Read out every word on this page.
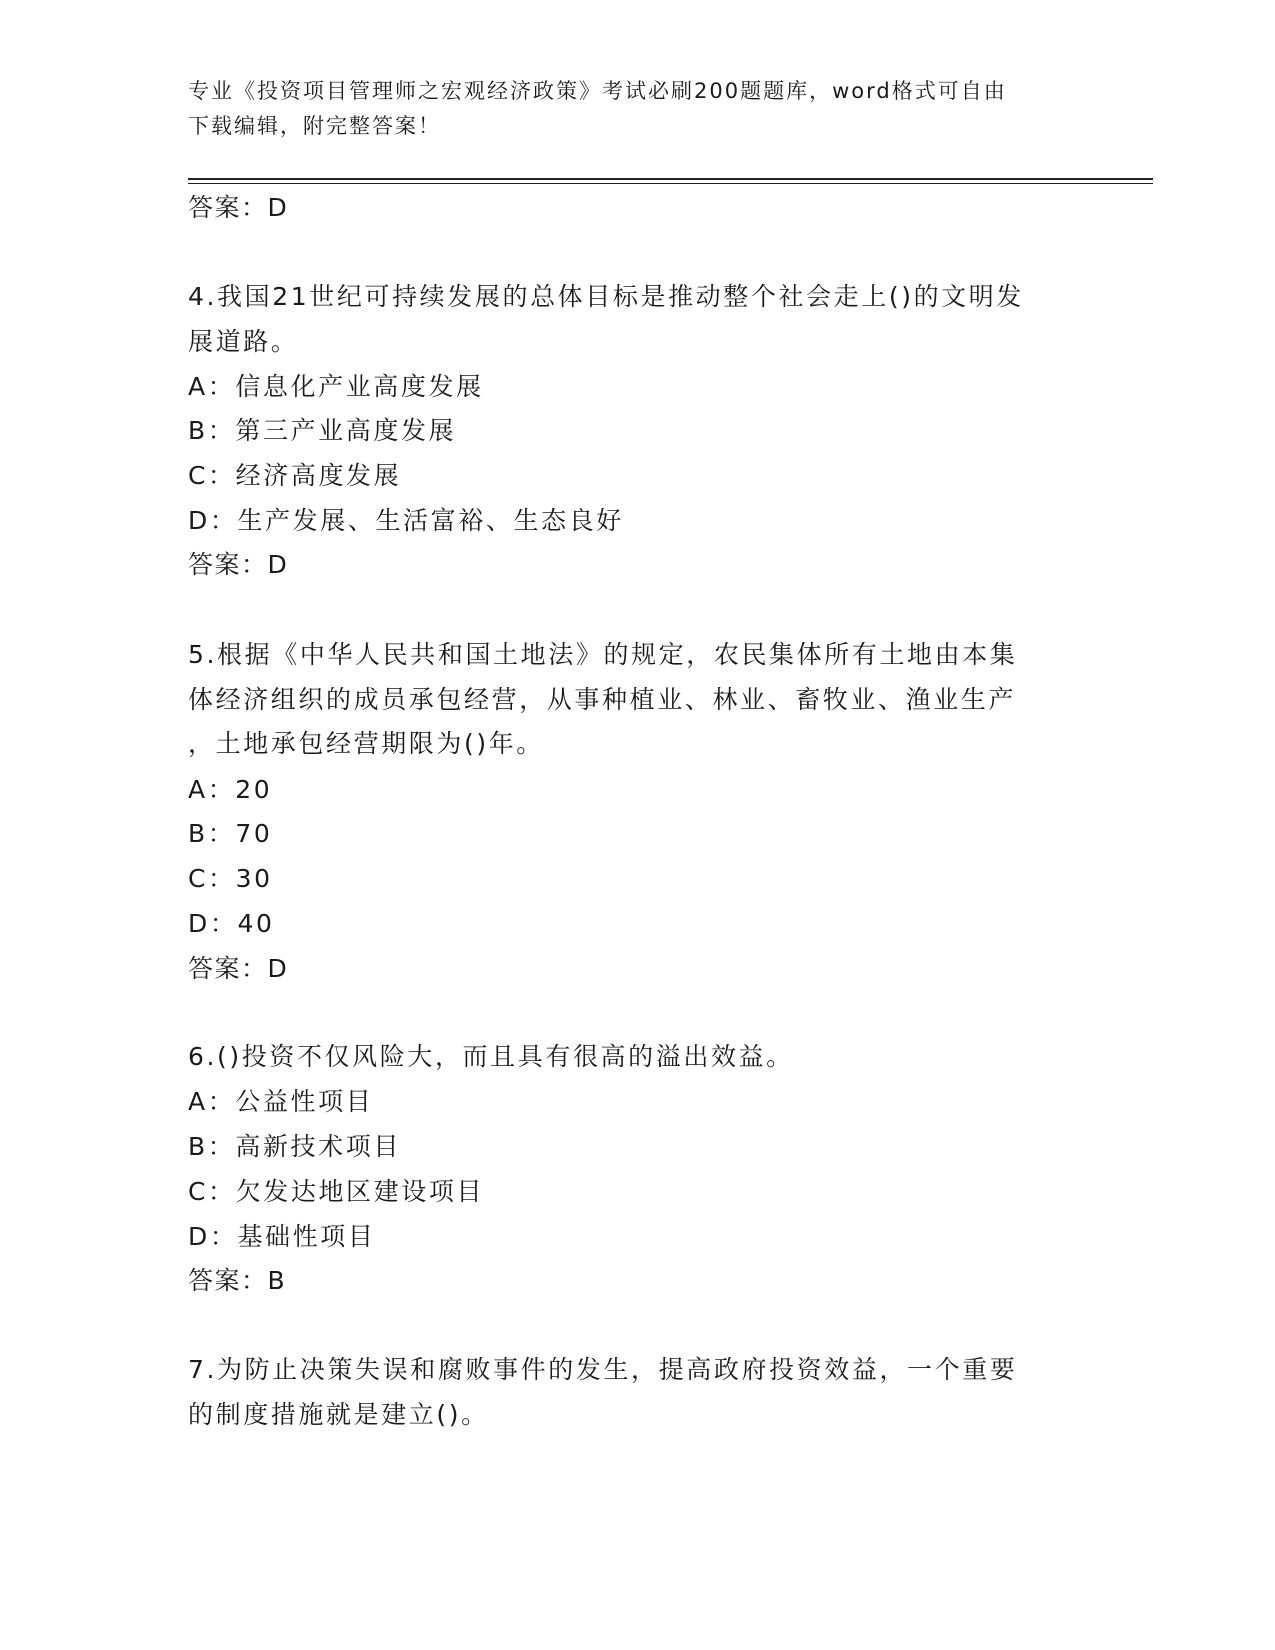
专业《投资项目管理师之宏观经济政策》考试必刷200题题库，word格式可自由
下载编辑，附完整答案！
答案：D
4.我国21世纪可持续发展的总体目标是推动整个社会走上()的文明发
展道路。
A：信息化产业高度发展
B：第三产业高度发展
C：经济高度发展
D：生产发展、生活富裕、生态良好
答案：D
5.根据《中华人民共和国土地法》的规定，农民集体所有土地由本集
体经济组织的成员承包经营，从事种植业、林业、畜牧业、渔业生产
，土地承包经营期限为()年。
A：20
B：70
C：30
D：40
答案：D
6.()投资不仅风险大，而且具有很高的溢出效益。
A：公益性项目
B：高新技术项目
C：欠发达地区建设项目
D：基础性项目
答案：B
7.为防止决策失误和腐败事件的发生，提高政府投资效益，一个重要
的制度措施就是建立()。
